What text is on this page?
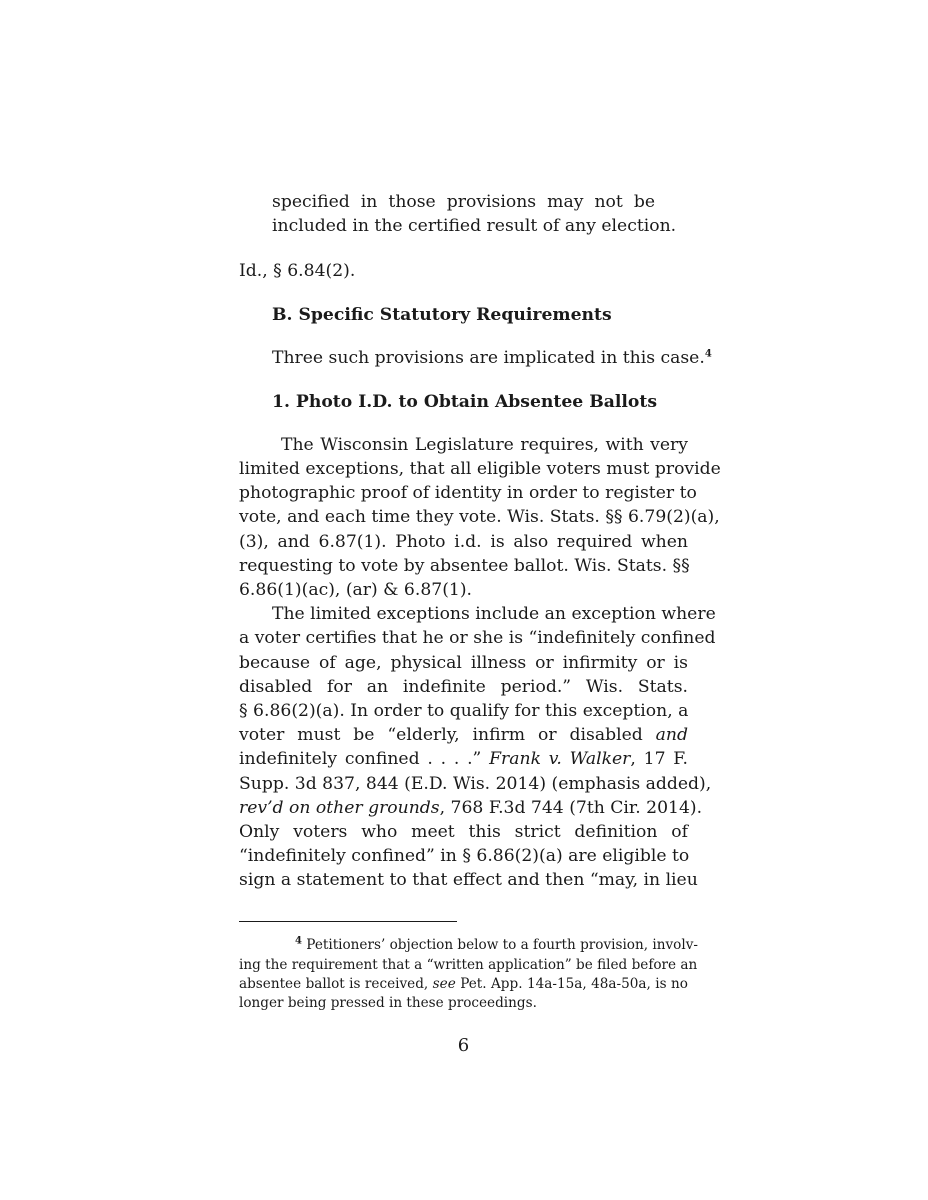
specified in those provisions may not be
included in the certified result of any election.
Id., § 6.84(2).
B. Specific Statutory Requirements
Three such provisions are implicated in this case.$^4$
1. Photo I.D. to Obtain Absentee Ballots
The Wisconsin Legislature requires, with very
limited exceptions, that all eligible voters must provide
photographic proof of identity in order to register to
vote, and each time they vote. Wis. Stats. §§ 6.79(2)(a),
(3), and 6.87(1). Photo i.d. is also required when
requesting to vote by absentee ballot. Wis. Stats. §§
6.86(1)(ac), (ar) & 6.87(1).
The limited exceptions include an exception where
a voter certifies that he or she is “indefinitely confined
because of age, physical illness or infirmity or is
disabled for an indefinite period.” Wis. Stats.
§ 6.86(2)(a). In order to qualify for this exception, a
voter must be “elderly, infirm or disabled and
indefinitely confined . . . .” Frank v. Walker, 17 F.
Supp. 3d 837, 844 (E.D. Wis. 2014) (emphasis added),
rev’d on other grounds, 768 F.3d 744 (7th Cir. 2014).
Only voters who meet this strict definition of
“indefinitely confined” in § 6.86(2)(a) are eligible to
sign a statement to that effect and then “may, in lieu
$^4$ Petitioners’ objection below to a fourth provision, involv-
ing the requirement that a “written application” be filed before an
absentee ballot is received, see Pet. App. 14a-15a, 48a-50a, is no
longer being pressed in these proceedings.
6
